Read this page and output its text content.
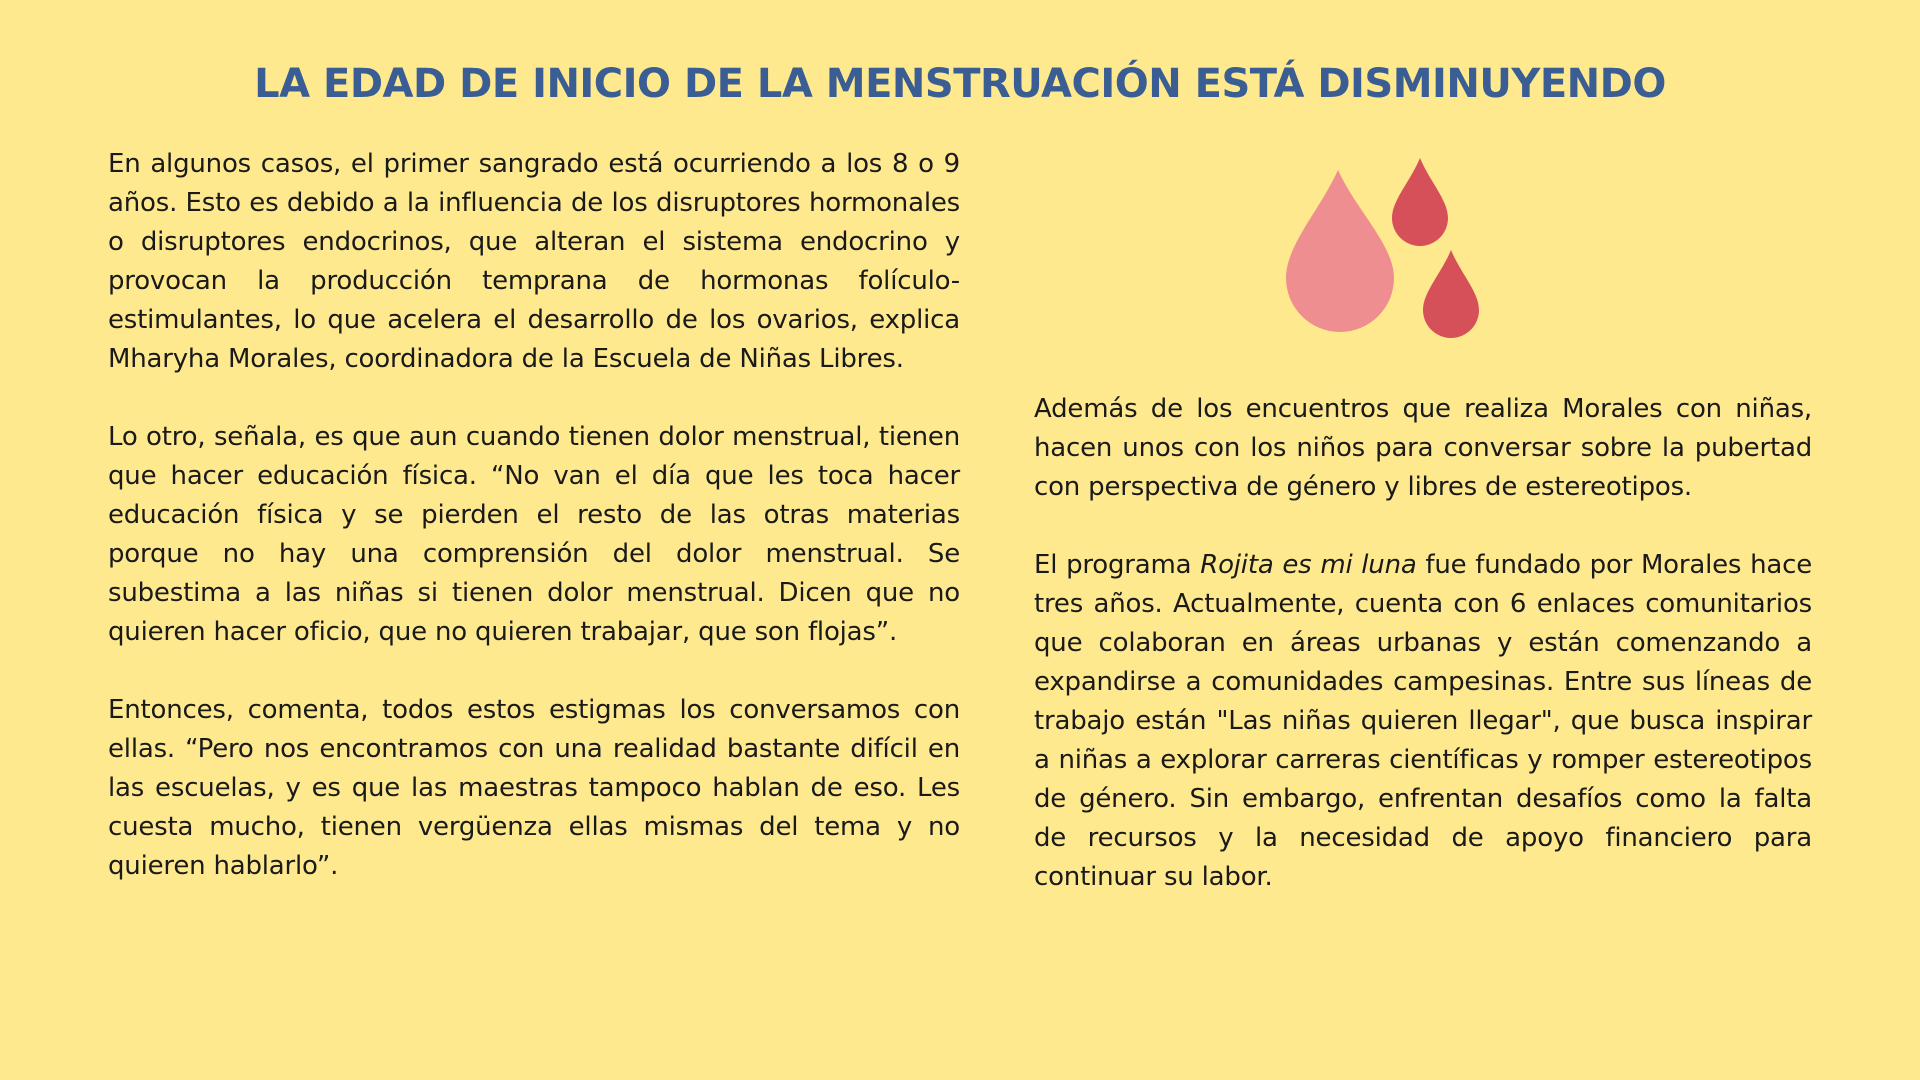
LA EDAD DE INICIO DE LA MENSTRUACIÓN ESTÁ DISMINUYENDO

En algunos casos, el primer sangrado está ocurriendo a los 8 o 9 años. Esto es debido a la influencia de los disruptores hormonales o disruptores endocrinos, que alteran el sistema endocrino y provocan la producción temprana de hormonas folículo-estimulantes, lo que acelera el desarrollo de los ovarios, explica Mharyha Morales, coordinadora de la Escuela de Niñas Libres.

Lo otro, señala, es que aun cuando tienen dolor menstrual, tienen que hacer educación física. “No van el día que les toca hacer educación física y se pierden el resto de las otras materias porque no hay una comprensión del dolor menstrual. Se subestima a las niñas si tienen dolor menstrual. Dicen que no quieren hacer oficio, que no quieren trabajar, que son flojas”.

Entonces, comenta, todos estos estigmas los conversamos con ellas. “Pero nos encontramos con una realidad bastante difícil en las escuelas, y es que las maestras tampoco hablan de eso. Les cuesta mucho, tienen vergüenza ellas mismas del tema y no quieren hablarlo”.

Además de los encuentros que realiza Morales con niñas, hacen unos con los niños para conversar sobre la pubertad con perspectiva de género y libres de estereotipos.

El programa Rojita es mi luna fue fundado por Morales hace tres años. Actualmente, cuenta con 6 enlaces comunitarios que colaboran en áreas urbanas y están comenzando a expandirse a comunidades campesinas. Entre sus líneas de trabajo están "Las niñas quieren llegar", que busca inspirar a niñas a explorar carreras científicas y romper estereotipos de género. Sin embargo, enfrentan desafíos como la falta de recursos y la necesidad de apoyo financiero para continuar su labor.
